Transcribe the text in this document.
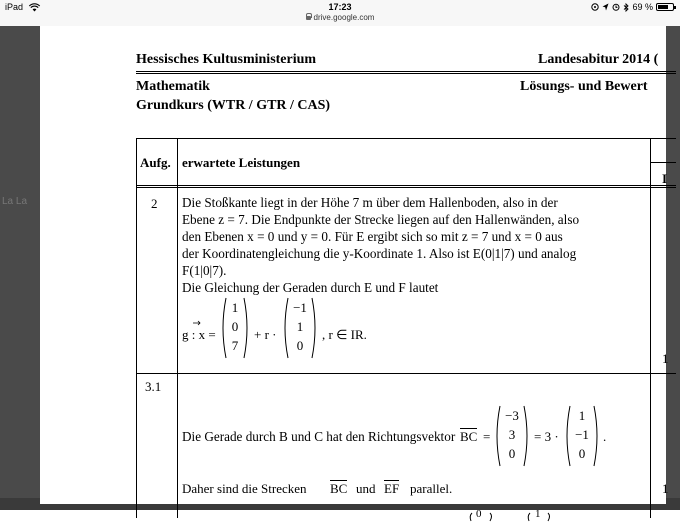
iPad	17:23
drive.google.com
69 %
La La
Hessisches Kultusministerium	Landesabitur 2014 (
Mathematik	Lösungs- und Bewert
Grundkurs (WTR / GTR / CAS)
Aufg. erwartete Leistungen
I
2 Die Stoßkante liegt in der Höhe 7 m über dem Hallenboden, also in der
Ebene z = 7. Die Endpunkte der Strecke liegen auf den Hallenwänden, also
den Ebenen x = 0 und y = 0. Für E ergibt sich so mit z = 7 und x = 0 aus
der Koordinatengleichung die y-Koordinate 1. Also ist E(0|1|7) und analog
F(1|0|7).
Die Gleichung der Geraden durch E und F lautet
g : x =
1
0
7
+ r ·
−1
1
0
, r ∈ IR.
1
3.1
Die Gerade durch B und C hat den Richtungsvektor BC =
−3
3
0
= 3 ·
1
−1
0
.
Daher sind die Strecken BC und EF parallel.	1
0	1
